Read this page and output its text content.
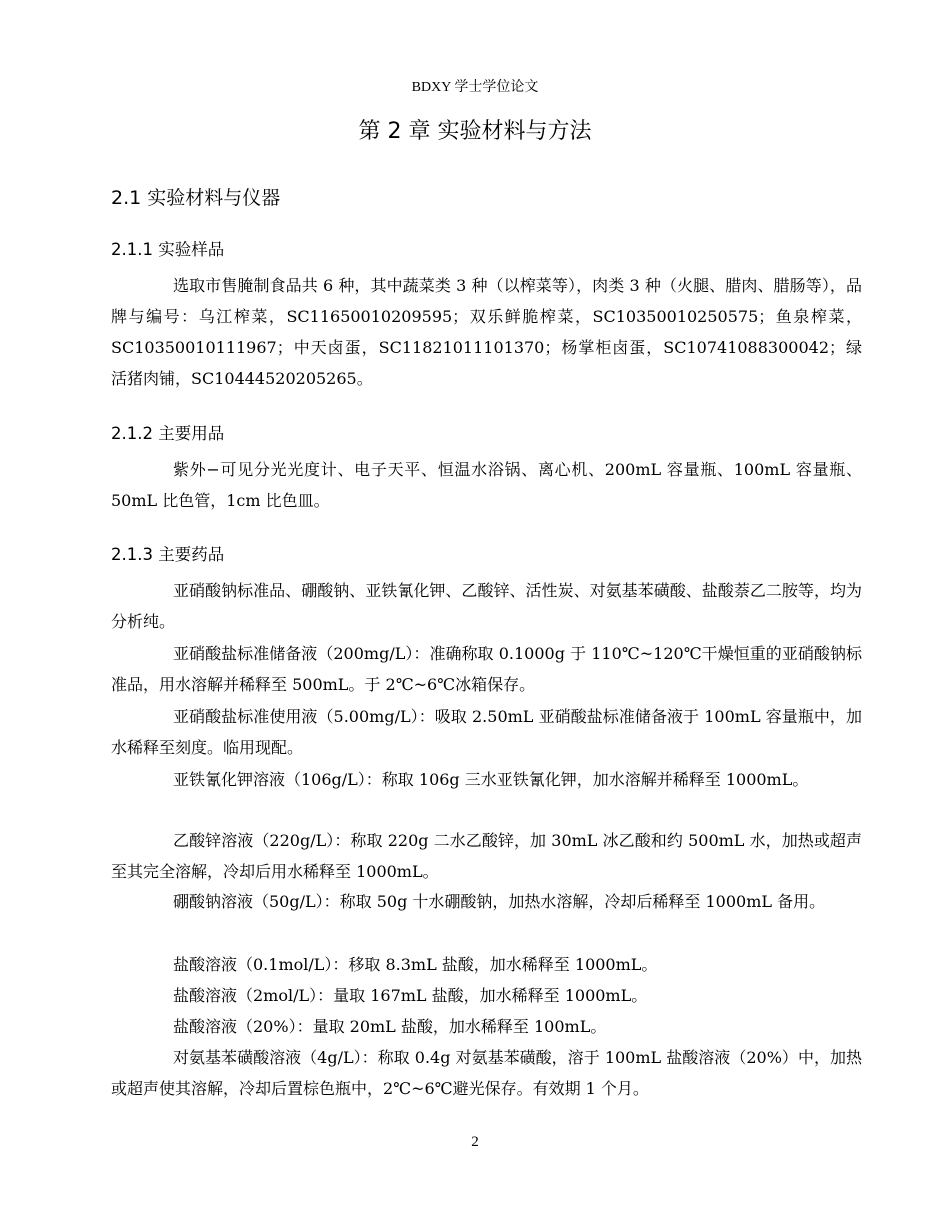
BDXY 学士学位论文
第 2 章 实验材料与方法
2.1 实验材料与仪器
2.1.1 实验样品

选取市售腌制食品共 6 种，其中蔬菜类 3 种（以榨菜等），肉类 3 种（火腿、腊肉、腊肠等），品牌与编号：乌江榨菜，SC11650010209595；双乐鲜脆榨菜，SC10350010250575；鱼泉榨菜，SC10350010111967；中天卤蛋，SC11821011101370；杨掌柜卤蛋，SC10741088300042；绿活猪肉铺，SC10444520205265。

2.1.2 主要用品

紫外−可见分光光度计、电子天平、恒温水浴锅、离心机、200mL 容量瓶、100mL 容量瓶、50mL 比色管，1cm 比色皿。

2.1.3 主要药品

亚硝酸钠标准品、硼酸钠、亚铁氰化钾、乙酸锌、活性炭、对氨基苯磺酸、盐酸萘乙二胺等，均为分析纯。

亚硝酸盐标准储备液（200mg/L）：准确称取 0.1000g 于 110℃~120℃干燥恒重的亚硝酸钠标准品，用水溶解并稀释至 500mL。于 2℃~6℃冰箱保存。

亚硝酸盐标准使用液（5.00mg/L）：吸取 2.50mL 亚硝酸盐标准储备液于 100mL 容量瓶中，加水稀释至刻度。临用现配。

亚铁氰化钾溶液（106g/L）：称取 106g 三水亚铁氰化钾，加水溶解并稀释至 1000mL。

乙酸锌溶液（220g/L）：称取 220g 二水乙酸锌，加 30mL 冰乙酸和约 500mL 水，加热或超声至其完全溶解，冷却后用水稀释至 1000mL。

硼酸钠溶液（50g/L）：称取 50g 十水硼酸钠，加热水溶解，冷却后稀释至 1000mL 备用。

盐酸溶液（0.1mol/L）：移取 8.3mL 盐酸，加水稀释至 1000mL。

盐酸溶液（2mol/L）：量取 167mL 盐酸，加水稀释至 1000mL。

盐酸溶液（20%）：量取 20mL 盐酸，加水稀释至 100mL。

对氨基苯磺酸溶液（4g/L）：称取 0.4g 对氨基苯磺酸，溶于 100mL 盐酸溶液（20%）中，加热或超声使其溶解，冷却后置棕色瓶中，2℃~6℃避光保存。有效期 1 个月。

2
